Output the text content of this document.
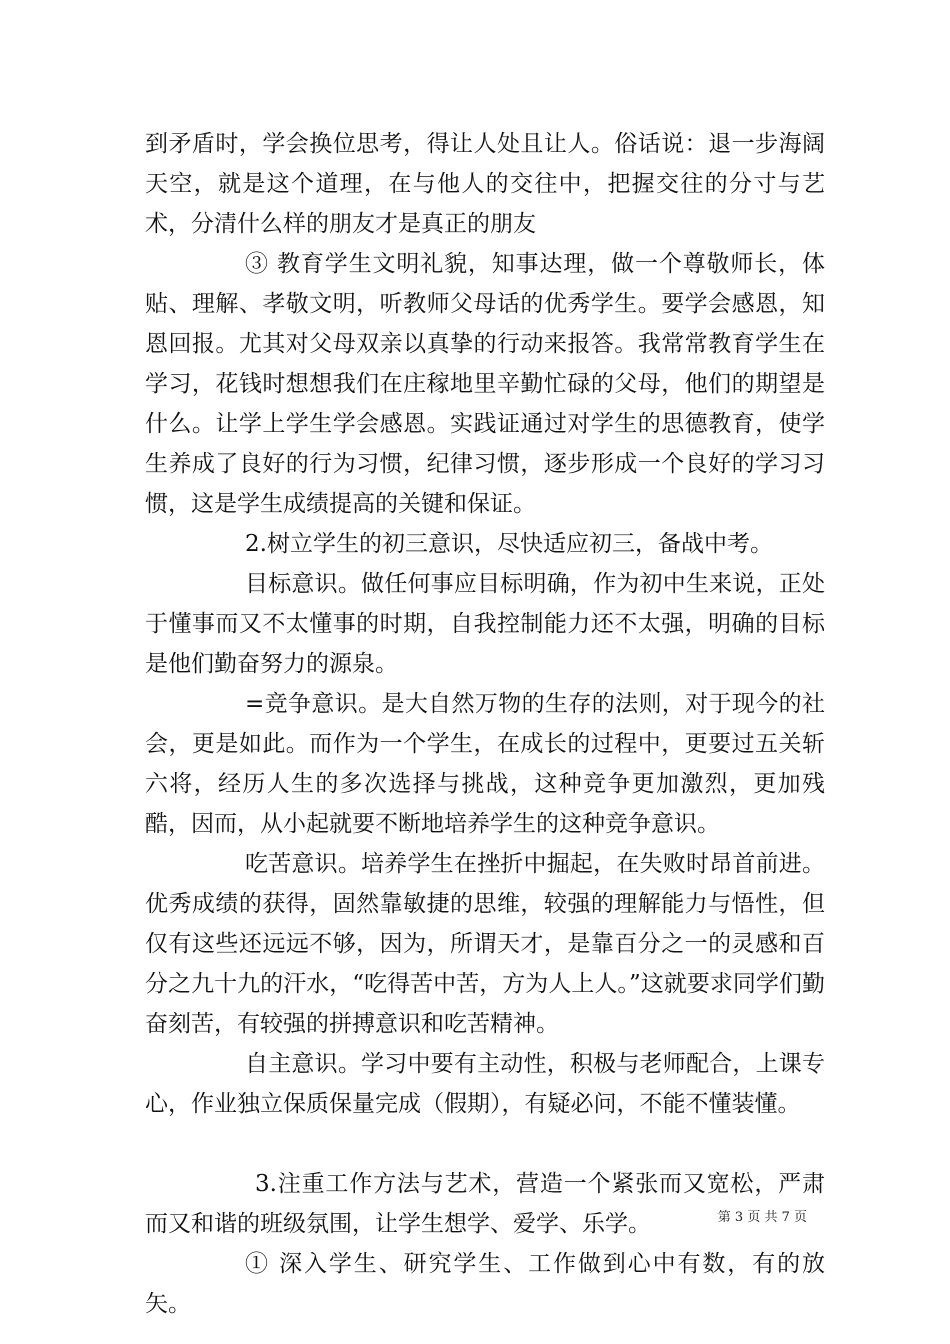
到矛盾时，学会换位思考，得让人处且让人。俗话说：退一步海阔天空，就是这个道理，在与他人的交往中，把握交往的分寸与艺术，分清什么样的朋友才是真正的朋友

③ 教育学生文明礼貌，知事达理，做一个尊敬师长，体贴、理解、孝敬文明，听教师父母话的优秀学生。要学会感恩，知恩回报。尤其对父母双亲以真挚的行动来报答。我常常教育学生在学习，花钱时想想我们在庄稼地里辛勤忙碌的父母，他们的期望是什么。让学上学生学会感恩。实践证通过对学生的思德教育，使学生养成了良好的行为习惯，纪律习惯，逐步形成一个良好的学习习惯，这是学生成绩提高的关键和保证。

2.树立学生的初三意识，尽快适应初三，备战中考。

目标意识。做任何事应目标明确，作为初中生来说，正处于懂事而又不太懂事的时期，自我控制能力还不太强，明确的目标是他们勤奋努力的源泉。

=竞争意识。是大自然万物的生存的法则，对于现今的社会，更是如此。而作为一个学生，在成长的过程中，更要过五关斩六将，经历人生的多次选择与挑战，这种竞争更加激烈，更加残酷，因而，从小起就要不断地培养学生的这种竞争意识。

吃苦意识。培养学生在挫折中掘起，在失败时昂首前进。优秀成绩的获得，固然靠敏捷的思维，较强的理解能力与悟性，但仅有这些还远远不够，因为，所谓天才，是靠百分之一的灵感和百分之九十九的汗水，“吃得苦中苦，方为人上人。”这就要求同学们勤奋刻苦，有较强的拼搏意识和吃苦精神。

自主意识。学习中要有主动性，积极与老师配合，上课专心，作业独立保质保量完成（假期），有疑必问，不能不懂装懂。

3.注重工作方法与艺术，营造一个紧张而又宽松，严肃而又和谐的班级氛围，让学生想学、爱学、乐学。

① 深入学生、研究学生、工作做到心中有数，有的放矢。

第 3 页 共 7 页
